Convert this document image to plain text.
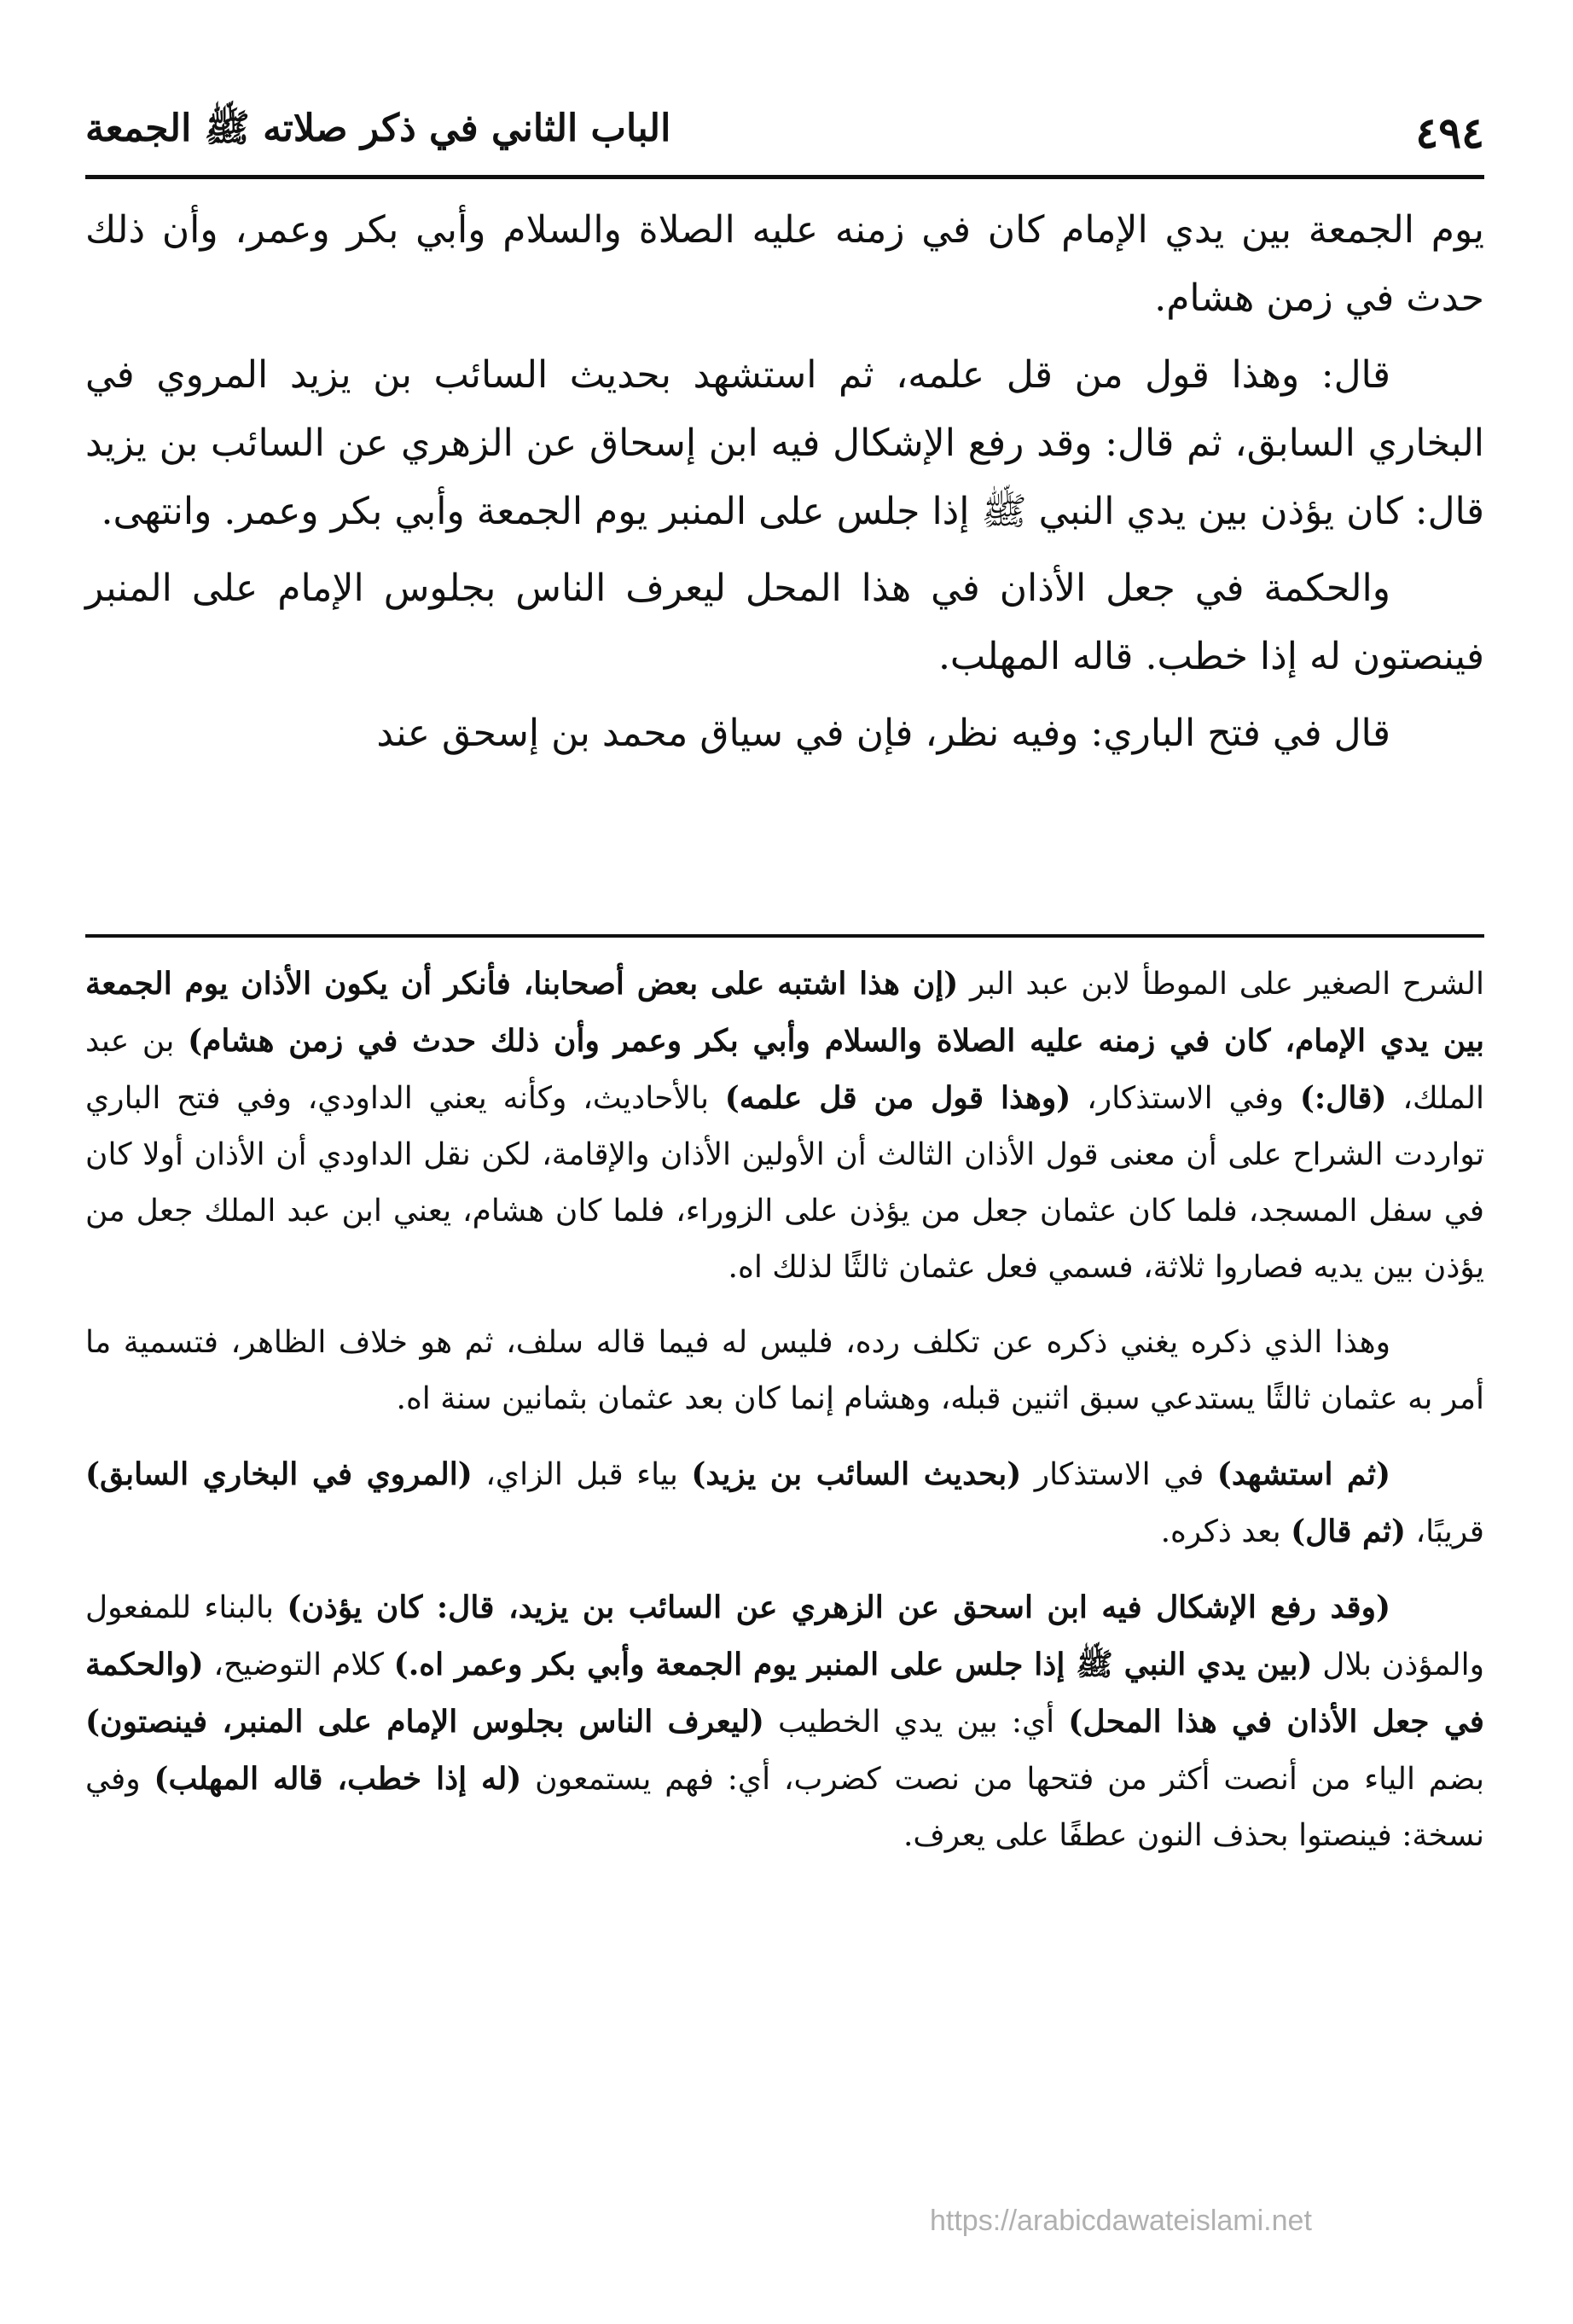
٤٩٤
الباب الثاني في ذكر صلاته ﷺ الجمعة

يوم الجمعة بين يدي الإمام كان في زمنه عليه الصلاة والسلام وأبي بكر وعمر، وأن ذلك حدث في زمن هشام.

قال: وهذا قول من قل علمه، ثم استشهد بحديث السائب بن يزيد المروي في البخاري السابق، ثم قال: وقد رفع الإشكال فيه ابن إسحاق عن الزهري عن السائب بن يزيد قال: كان يؤذن بين يدي النبي ﷺ إذا جلس على المنبر يوم الجمعة وأبي بكر وعمر. وانتهى.

والحكمة في جعل الأذان في هذا المحل ليعرف الناس بجلوس الإمام على المنبر فينصتون له إذا خطب. قاله المهلب.

قال في فتح الباري: وفيه نظر، فإن في سياق محمد بن إسحق عند

الشرح الصغير على الموطأ لابن عبد البر (إن هذا اشتبه على بعض أصحابنا، فأنكر أن يكون الأذان يوم الجمعة بين يدي الإمام، كان في زمنه عليه الصلاة والسلام وأبي بكر وعمر وأن ذلك حدث في زمن هشام) بن عبد الملك، (قال:) وفي الاستذكار، (وهذا قول من قل علمه) بالأحاديث، وكأنه يعني الداودي، وفي فتح الباري تواردت الشراح على أن معنى قول الأذان الثالث أن الأولين الأذان والإقامة، لكن نقل الداودي أن الأذان أولا كان في سفل المسجد، فلما كان عثمان جعل من يؤذن على الزوراء، فلما كان هشام، يعني ابن عبد الملك جعل من يؤذن بين يديه فصاروا ثلاثة، فسمي فعل عثمان ثالثًا لذلك اه.

وهذا الذي ذكره يغني ذكره عن تكلف رده، فليس له فيما قاله سلف، ثم هو خلاف الظاهر، فتسمية ما أمر به عثمان ثالثًا يستدعي سبق اثنين قبله، وهشام إنما كان بعد عثمان بثمانين سنة اه.

(ثم استشهد) في الاستذكار (بحديث السائب بن يزيد) بياء قبل الزاي، (المروي في البخاري السابق) قريبًا، (ثم قال) بعد ذكره.

(وقد رفع الإشكال فيه ابن اسحق عن الزهري عن السائب بن يزيد، قال: كان يؤذن) بالبناء للمفعول والمؤذن بلال (بين يدي النبي ﷺ إذا جلس على المنبر يوم الجمعة وأبي بكر وعمر اه.) كلام التوضيح، (والحكمة في جعل الأذان في هذا المحل) أي: بين يدي الخطيب (ليعرف الناس بجلوس الإمام على المنبر، فينصتون) بضم الياء من أنصت أكثر من فتحها من نصت كضرب، أي: فهم يستمعون (له إذا خطب، قاله المهلب) وفي نسخة: فينصتوا بحذف النون عطفًا على يعرف.

https://arabicdawateislami.net
